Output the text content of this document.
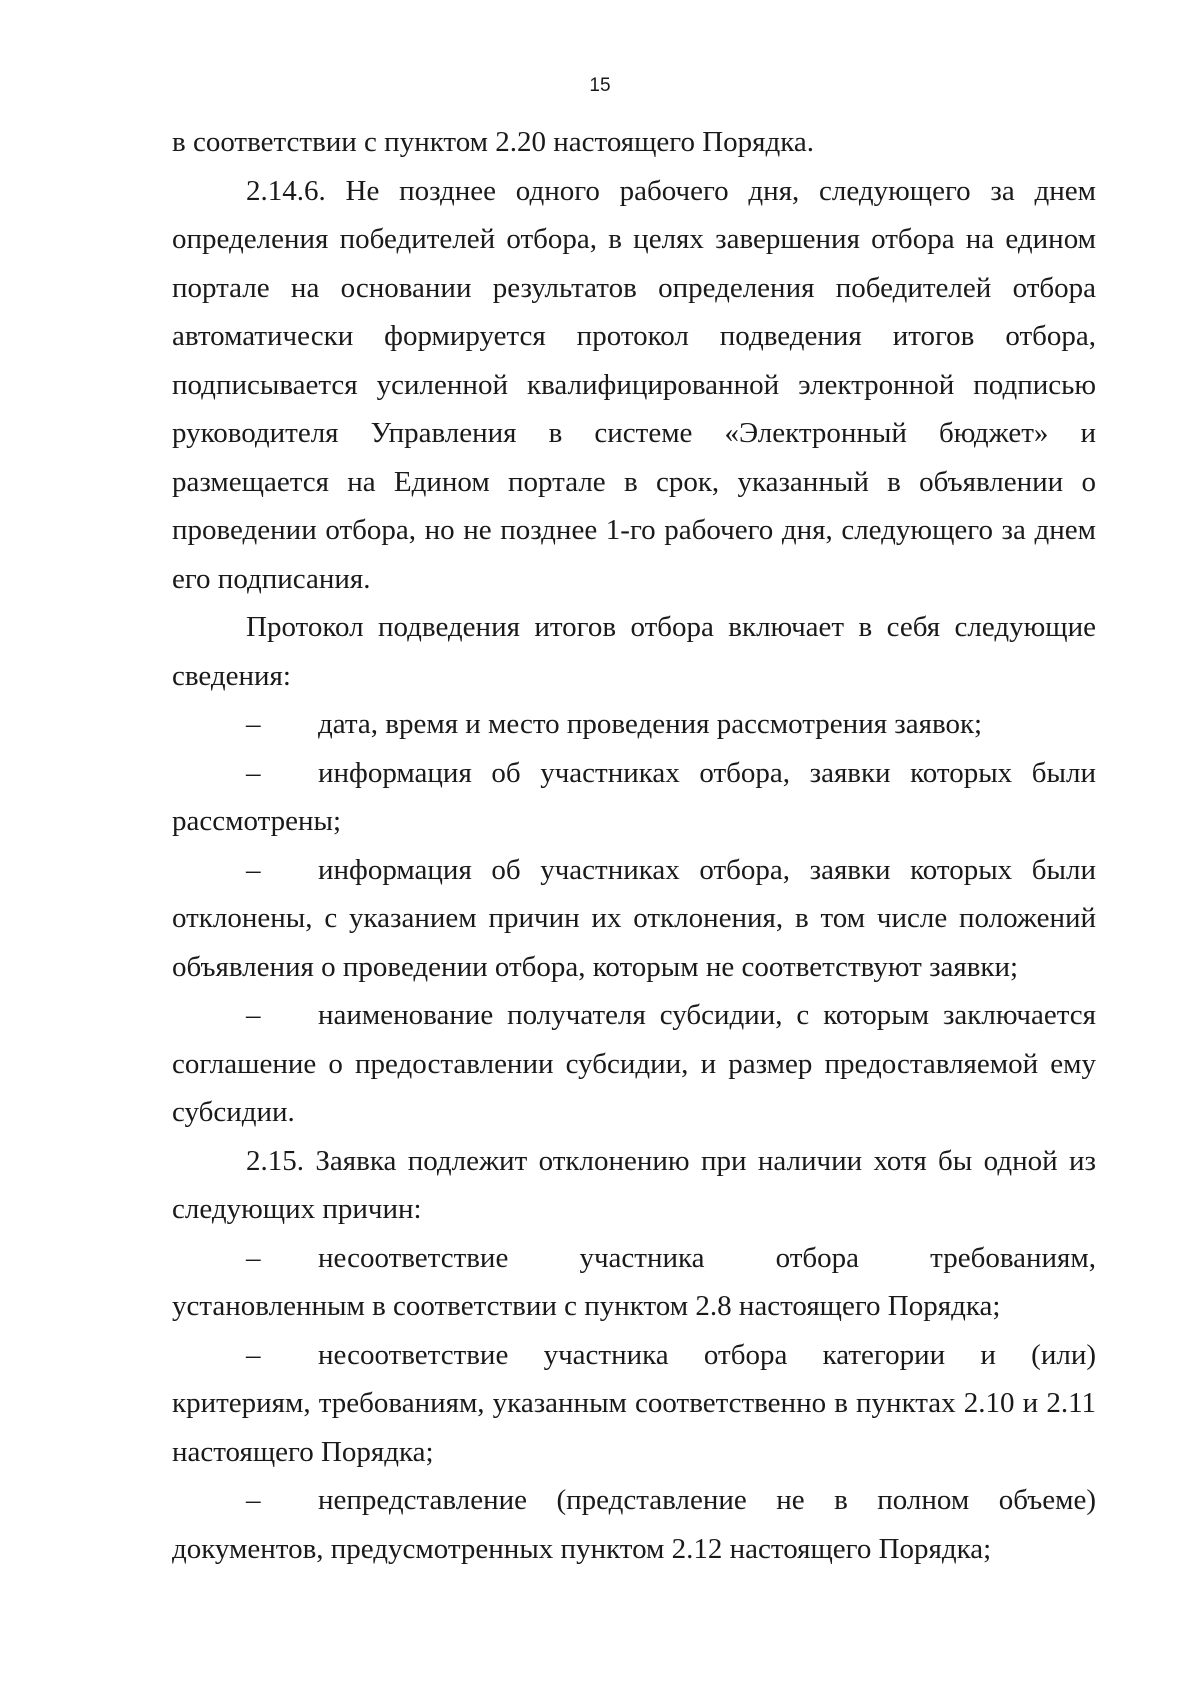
15

в соответствии с пунктом 2.20 настоящего Порядка.

2.14.6. Не позднее одного рабочего дня, следующего за днем определения победителей отбора, в целях завершения отбора на едином портале на основании результатов определения победителей отбора автоматически формируется протокол подведения итогов отбора, подписывается усиленной квалифицированной электронной подписью руководителя Управления в системе «Электронный бюджет» и размещается на Едином портале в срок, указанный в объявлении о проведении отбора, но не позднее 1-го рабочего дня, следующего за днем его подписания.

Протокол подведения итогов отбора включает в себя следующие сведения:

– дата, время и место проведения рассмотрения заявок;

– информация об участниках отбора, заявки которых были рассмотрены;

– информация об участниках отбора, заявки которых были отклонены, с указанием причин их отклонения, в том числе положений объявления о проведении отбора, которым не соответствуют заявки;

– наименование получателя субсидии, с которым заключается соглашение о предоставлении субсидии, и размер предоставляемой ему субсидии.

2.15. Заявка подлежит отклонению при наличии хотя бы одной из следующих причин:

– несоответствие участника отбора требованиям, установленным в соответствии с пунктом 2.8 настоящего Порядка;

– несоответствие участника отбора категории и (или) критериям, требованиям, указанным соответственно в пунктах 2.10 и 2.11 настоящего Порядка;

– непредставление (представление не в полном объеме) документов, предусмотренных пунктом 2.12 настоящего Порядка;
